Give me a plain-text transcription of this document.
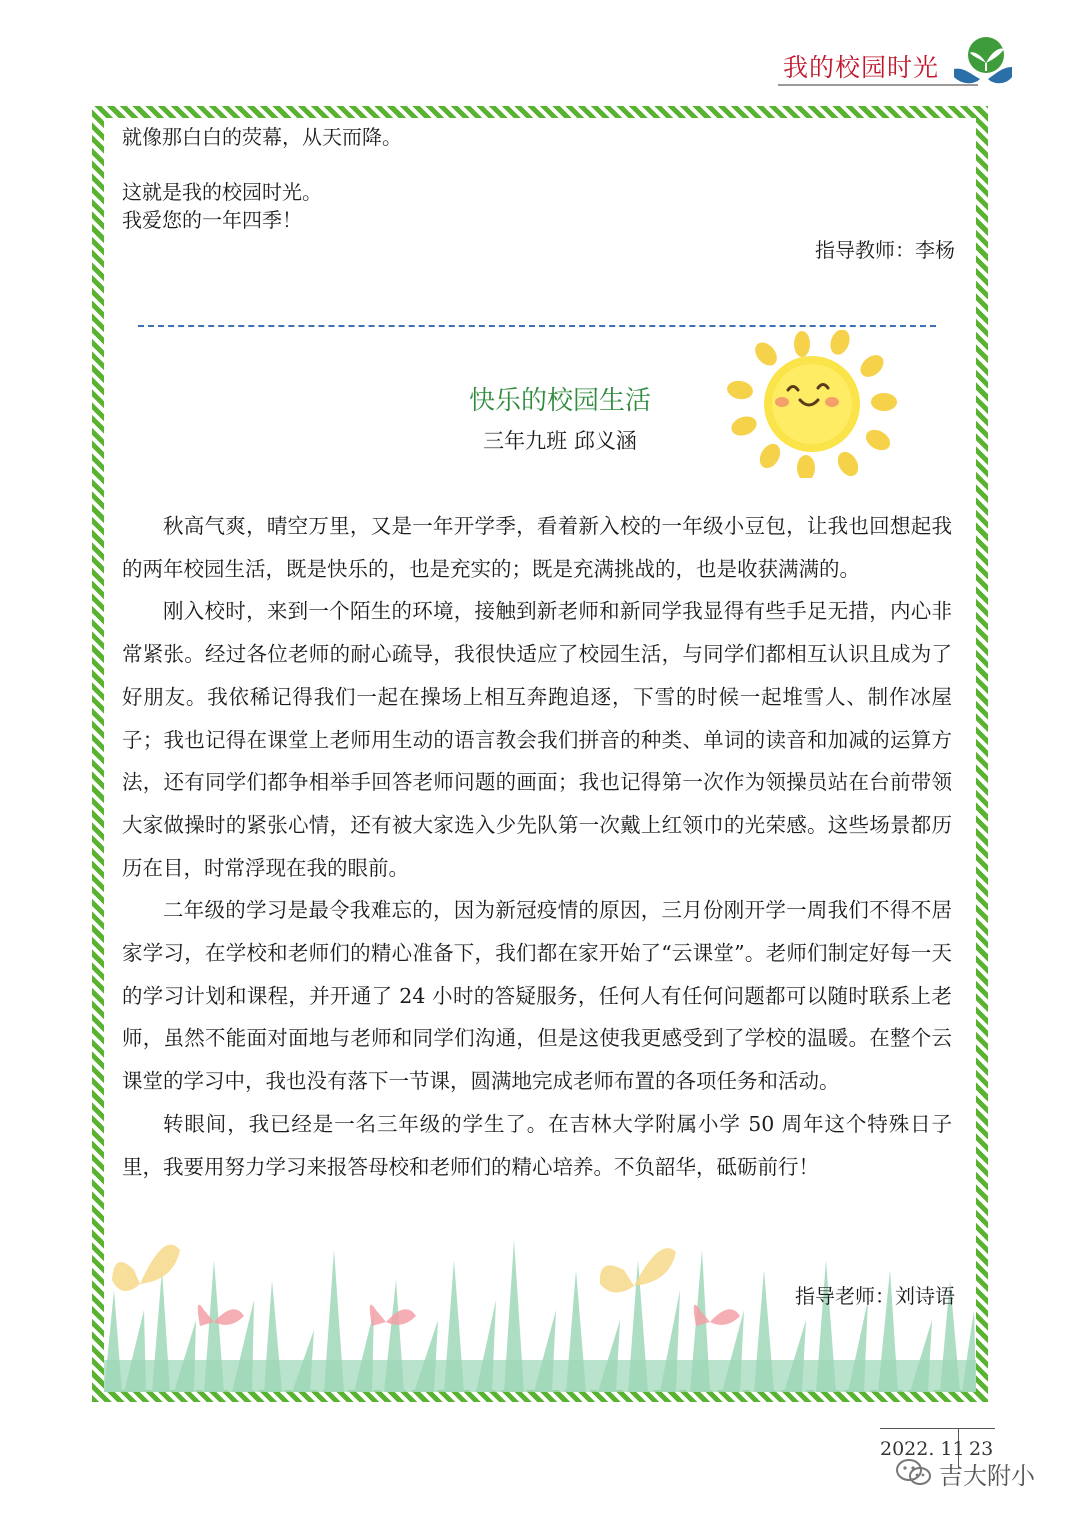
我的校园时光
就像那白白的荧幕，从天而降。
这就是我的校园时光。
我爱您的一年四季！
指导教师：李杨
快乐的校园生活
三年九班 邱义涵

秋高气爽，晴空万里，又是一年开学季，看着新入校的一年级小豆包，让我也回想起我的两年校园生活，既是快乐的，也是充实的；既是充满挑战的，也是收获满满的。

刚入校时，来到一个陌生的环境，接触到新老师和新同学我显得有些手足无措，内心非常紧张。经过各位老师的耐心疏导，我很快适应了校园生活，与同学们都相互认识且成为了好朋友。我依稀记得我们一起在操场上相互奔跑追逐，下雪的时候一起堆雪人、制作冰屋子；我也记得在课堂上老师用生动的语言教会我们拼音的种类、单词的读音和加减的运算方法，还有同学们都争相举手回答老师问题的画面；我也记得第一次作为领操员站在台前带领大家做操时的紧张心情，还有被大家选入少先队第一次戴上红领巾的光荣感。这些场景都历历在目，时常浮现在我的眼前。

二年级的学习是最令我难忘的，因为新冠疫情的原因，三月份刚开学一周我们不得不居家学习，在学校和老师们的精心准备下，我们都在家开始了“云课堂”。老师们制定好每一天的学习计划和课程，并开通了 24 小时的答疑服务，任何人有任何问题都可以随时联系上老师，虽然不能面对面地与老师和同学们沟通，但是这使我更感受到了学校的温暖。在整个云课堂的学习中，我也没有落下一节课，圆满地完成老师布置的各项任务和活动。

转眼间，我已经是一名三年级的学生了。在吉林大学附属小学 50 周年这个特殊日子里，我要用努力学习来报答母校和老师们的精心培养。不负韶华，砥砺前行！

指导老师：刘诗语
2022. 11 23
吉大附小
